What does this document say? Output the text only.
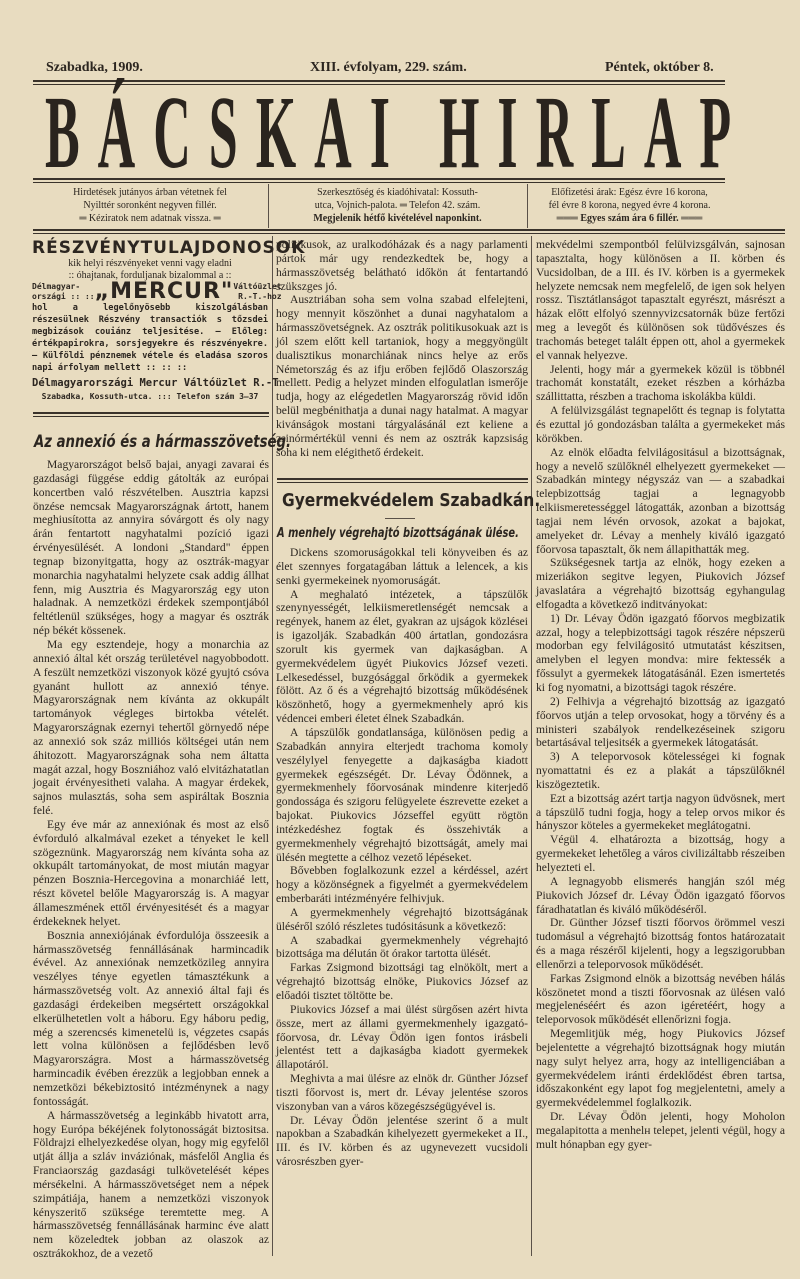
Szabadka, 1909.	XIII. évfolyam, 229. szám.	Péntek, október 8.
BÁCSKAI HIRLAP
Hirdetések jutányos árban vétetnek fel
Nyilttér soronként negyven fillér.
═ Kéziratok nem adatnak vissza. ═
Szerkesztőség és kiadóhivatal: Kossuth-
utca, Vojnich-palota. ═ Telefon 42. szám.
Megjelenik hétfő kivételével naponkint.
Előfizetési árak: Egész évre 16 korona,
fél évre 8 korona, negyed évre 4 korona.
═══ Egyes szám ára 6 fillér. ═══
RÉSZVÉNYTULAJDONOSOK
kik helyi részvényeket venni vagy eladni
:: óhajtanak, forduljanak bizalommal a ::
Délmagyar-
országi :: :: „MERCUR" Váltóüzlet
R.-T.-hoz
hol a legelőnyösebb kiszolgálásban részesülnek Részvény transactiók s tőzsdei megbizások couiánz teljesitése. — Előleg: értékpapirokra, sorsjegyekre és részvényekre. — Külföldi pénznemek vétele és eladása szoros napi árfolyam mellett :: :: ::
Délmagyarországi Mercur Váltóüzlet R.-T
Szabadka, Kossuth-utca. ::: Telefon szám 3—37
Az annexió és a hármasszövetség.

Magyarországot belső bajai, anyagi zavarai és gazdasági függése eddig gátolták az európai koncertben való részvételben. Ausztria kapzsi önzése nemcsak Magyarországnak ártott, hanem meghiusította az annyira sóvárgott és oly nagy árán fentartott nagyhatalmi pozíció igazi érvényesülését. A londoni „Standard" éppen tegnap bizonyitgatta, hogy az osztrák-magyar monarchia nagyhatalmi helyzete csak addig állhat fenn, mig Ausztria és Magyarország egy uton haladnak. A nemzetközi érdekek szempontjából feltétlenül szükséges, hogy a magyar és osztrák nép békét kössenek.

Ma egy esztendeje, hogy a monarchia az annexió által két ország területével nagyobbodott. A feszült nemzetközi viszonyok közé gyujtó csóva gyanánt hullott az annexió ténye. Magyarországnak nem kívánta az okkupált tartományok végleges birtokba vételét. Magyarországnak ezernyi tehertől görnyedő népe az annexió sok száz milliós költségei után nem áhitozott. Magyarországnak soha nem áltatta magát azzal, hogy Boszniához való elvitázhatatlan jogait érvényesitheti valaha. A magyar érdekek, sajnos mulasztás, soha sem aspiráltak Bosznia felé.

Egy éve már az annexiónak és most az első évforduló alkalmával ezeket a tényeket le kell szögeznünk. Magyarország nem kívánta soha az okkupált tartományokat, de most miután magyar pénzen Bosznia-Hercegovina a monarchiáé lett, részt követel belőle Magyarország is. A magyar állameszmének ettől érvényesitését és a magyar érdekeknek helyet.

Bosznia annexiójának évfordulója összeesik a hármasszövetség fennállásának harmincadik évével. Az annexiónak nemzetközileg annyira veszélyes ténye egyetlen támasztékunk a hármasszövetség volt. Az annexió által faji és gazdasági érdekeiben megsértett országokkal elkerülhetetlen volt a háboru. Egy háboru pedig, még a szerencsés kimenetelü is, végzetes csapás lett volna különösen a fejlődésben levő Magyarországra. Most a hármasszövetség harmincadik évében érezzük a legjobban ennek a nemzetközi békebiztositó intézménynek a nagy fontosságát.

A hármasszövetség a leginkább hivatott arra, hogy Európa békéjének folytonosságát biztositsa. Földrajzi elhelyezkedése olyan, hogy mig egyfelől utját állja a szláv inváziónak, másfelől Anglia és Franciaország gazdasági tulkövetelését képes mérsékelni. A hármasszövetséget nem a népek szimpátiája, hanem a nemzetközi viszonyok kényszeritő szüksége teremtette meg. A hármasszövetség fennállásának harminc éve alatt nem közeledtek jobban az olaszok az osztrákokhoz, de a vezető

politikusok, az uralkodóházak és a nagy parlamenti pártok már ugy rendezkedtek be, hogy a hármasszövetség belátható időkön át fentartandó szükszges jó.

Ausztriában soha sem volna szabad elfelejteni, hogy mennyit köszönhet a dunai nagyhatalom a hármasszövetségnek. Az osztrák politikusokuak azt is jól szem előtt kell tartaniok, hogy a meggyöngült dualisztikus monarchiának nincs helye az erős Németország és az ifju erőben fejlődő Olaszország mellett. Pedig a helyzet minden elfogulatlan ismerője tudja, hogy az elégedetlen Magyarország rövid időn belül megbénithatja a dunai nagy hatalmat. A magyar kivánságok mostani tárgyalásánál ezt keliene a zsinórmértékül venni és nem az osztrák kapzsiság soha ki nem elégithető érdekeit.

Gyermekvédelem Szabadkán.
A menhely végrehajtó bizottságának ülése.

Dickens szomoruságokkal teli könyveiben és az élet szennyes forgatagában láttuk a lelencek, a kis senki gyermekeinek nyomoruságát.

A meghalató intézetek, a tápszülők szenynyességét, lelkiismeretlenségét nemcsak a regények, hanem az élet, gyakran az ujságok közlései is igazolják. Szabadkán 400 ártatlan, gondozásra szorult kis gyermek van dajkaságban. A gyermekvédelem ügyét Piukovics József vezeti. Lelkesedéssel, buzgósággal őrködik a gyermekek fölött. Az ő és a végrehajtó bizottság működésének köszönhető, hogy a gyermekmenhely apró kis védencei emberi életet élnek Szabadkán.

A tápszülők gondatlansága, különösen pedig a Szabadkán annyira elterjedt trachoma komoly veszélylyel fenyegette a dajkaságba kiadott gyermekek egészségét. Dr. Lévay Ödönnek, a gyermekmenhely főorvosának mindenre kiterjedő gondossága és szigoru felügyelete észrevette ezeket a bajokat. Piukovics Józseffel együtt rögtön intézkedéshez fogtak és összehivták a gyermekmenhely végrehajtó bizottságát, amely mai ülésén megtette a célhoz vezető lépéseket.

Bővebben foglalkozunk ezzel a kérdéssel, azért hogy a közönségnek a figyelmét a gyermekvédelem emberbaráti intézményére felhivjuk.

A gyermekmenhely végrehajtó bizottságának üléséről szóló részletes tudósitásunk a következő:

A szabadkai gyermekmenhely végrehajtó bizottsága ma délután öt órakor tartotta ülését.

Farkas Zsigmond bizottsági tag elnökölt, mert a végrehajtó bizottság elnöke, Piukovics József az előadói tisztet töltötte be.

Piukovics József a mai ülést sürgősen azért hivta össze, mert az állami gyermekmenhely igazgató-főorvosa, dr. Lévay Ödön igen fontos irásbeli jelentést tett a dajkaságba kiadott gyermekek állapotáról.

Meghivta a mai ülésre az elnök dr. Günther József tiszti főorvost is, mert dr. Lévay jelentése szoros viszonyban van a város közegészségügyével is.

Dr. Lévay Ödön jelentése szerint ő a mult napokban a Szabadkán kihelyezett gyermekeket a II., III. és IV. körben és az ugynevezett vucsidoli városrészben gyer-

mekvédelmi szempontból felülvizsgálván, sajnosan tapasztalta, hogy különösen a II. körben és Vucsidolban, de a III. és IV. körben is a gyermekek helyzete nemcsak nem megfelelő, de igen sok helyen rossz. Tisztátlanságot tapasztalt egyrészt, másrészt a házak előtt elfolyó szennyvizcsatornák büze fertőzi meg a levegőt és különösen sok tüdővészes és trachomás beteget talált éppen ott, ahol a gyermekek el vannak helyezve.

Jelenti, hogy már a gyermekek közül is többnél trachomát konstatált, ezeket részben a kórházba szállittatta, részben a trachoma iskolákba küldi.

A felülvizsgálást tegnapelőtt és tegnap is folytatta és ezuttal jó gondozásban találta a gyermekeket más körökben.

Az elnök előadta felvilágositásul a bizottságnak, hogy a nevelő szülőknél elhelyezett gyermekeket — Szabadkán mintegy négyszáz van — a szabadkai telepbizottság tagjai a legnagyobb lelkiismeretességgel látogatták, azonban a bizottság tagjai nem lévén orvosok, azokat a bajokat, amelyeket dr. Lévay a menhely kiváló igazgató főorvosa tapasztalt, ők nem állapithatták meg.

Szükségesnek tartja az elnök, hogy ezeken a mizeriákon segitve legyen, Piukovich József javaslatára a végrehajtó bizottság egyhangulag elfogadta a következő inditványokat:

1) Dr. Lévay Ödön igazgató főorvos megbizatik azzal, hogy a telepbizottsági tagok részére népszerü modorban egy felvilágositó utmutatást készitsen, amelyben el legyen mondva: mire fektessék a főssulyt a gyermekek látogatásánál. Ezen ismertetés ki fog nyomatni, a bizottsági tagok részére.

2) Felhivja a végrehajtó bizottság az igazgató főorvos utján a telep orvosokat, hogy a törvény és a ministeri szabályok rendelkezéseinek szigoru betartásával teljesitsék a gyermekek látogatását.

3) A teleporvosok kötelességei ki fognak nyomattatni és ez a plakát a tápszülőknél kiszögeztetik.

Ezt a bizottság azért tartja nagyon üdvösnek, mert a tápszülő tudni fogja, hogy a telep orvos mikor és hányszor köteles a gyermekeket meglátogatni.

Végül 4. elhatározta a bizottság, hogy a gyermekeket lehetőleg a város civilizáltabb részeiben helyezteti el.

A legnagyobb elismerés hangján szól még Piukovich József dr. Lévay Ödön igazgató főorvos fáradhatatlan és kiváló működéséről.

Dr. Günther József tiszti főorvos örömmel veszi tudomásul a végrehajtó bizottság fontos határozatait és a maga részéről kijelenti, hogy a legszigorubban ellenőrzi a teleporvosok működését.

Farkas Zsigmond elnök a bizottság nevében hálás köszönetet mond a tiszti főorvosnak az ülésen való megjelenéséért és azon igéretéért, hogy a teleporvosok működését ellenőrizni fogja.

Megemlitjük még, hogy Piukovics József bejelentette a végrehajtó bizottságnak hogy miután nagy sulyt helyez arra, hogy az intelligenciában a gyermekvédelem iránti érdeklődést ébren tartsa, időszakonként egy lapot fog megjelentetni, amely a gyermekvédelemmel foglalkozik.

Dr. Lévay Ödön jelenti, hogy Moholon megalapitotta a menhelн telepet, jelenti végül, hogy a mult hónapban egy gyer-
